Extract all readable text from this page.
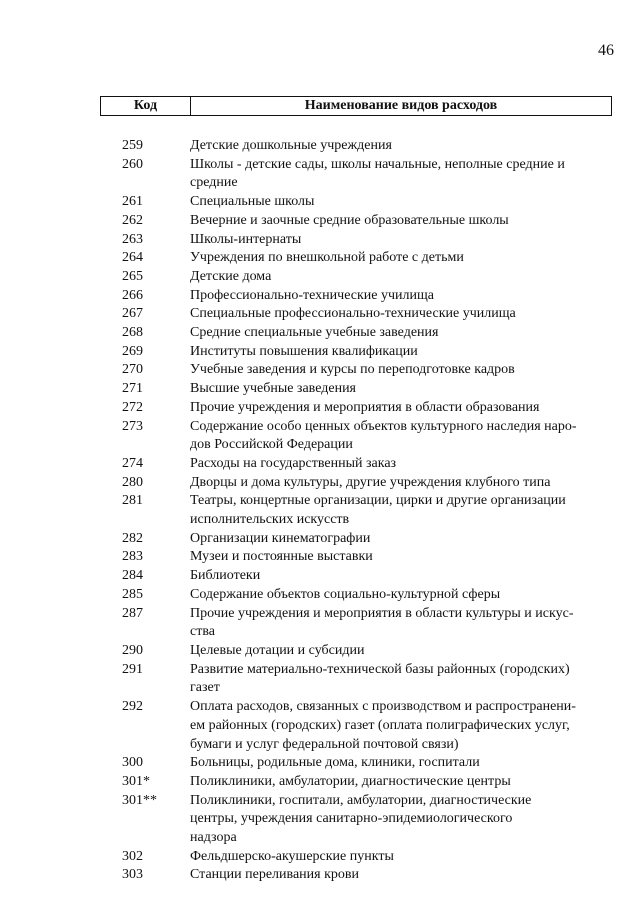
46
Код	Наименование видов расходов
259	Детские дошкольные учреждения
260	Школы - детские сады, школы начальные, неполные средние и
средние
261	Специальные школы
262	Вечерние и заочные средние образовательные школы
263	Школы-интернаты
264	Учреждения по внешкольной работе с детьми
265	Детские дома
266	Профессионально-технические училища
267	Специальные профессионально-технические училища
268	Средние специальные учебные заведения
269	Институты повышения квалификации
270	Учебные заведения и курсы по переподготовке кадров
271	Высшие учебные заведения
272	Прочие учреждения и мероприятия в области образования
273	Содержание особо ценных объектов культурного наследия наро-
дов Российской Федерации
274	Расходы на государственный заказ
280	Дворцы и дома культуры, другие учреждения клубного типа
281	Театры, концертные организации, цирки и другие организации
исполнительских искусств
282	Организации кинематографии
283	Музеи и постоянные выставки
284	Библиотеки
285	Содержание объектов социально-культурной сферы
287	Прочие учреждения и мероприятия в области культуры и искус-
ства
290	Целевые дотации и субсидии
291	Развитие материально-технической базы районных (городских)
газет
292	Оплата расходов, связанных с производством и распространени-
ем районных (городских) газет (оплата полиграфических услуг,
бумаги и услуг федеральной почтовой связи)
300	Больницы, родильные дома, клиники, госпитали
301*	Поликлиники, амбулатории, диагностические центры
301**	Поликлиники, госпитали, амбулатории, диагностические
центры, учреждения санитарно-эпидемиологического
надзора
302	Фельдшерско-акушерские пункты
303	Станции переливания крови
